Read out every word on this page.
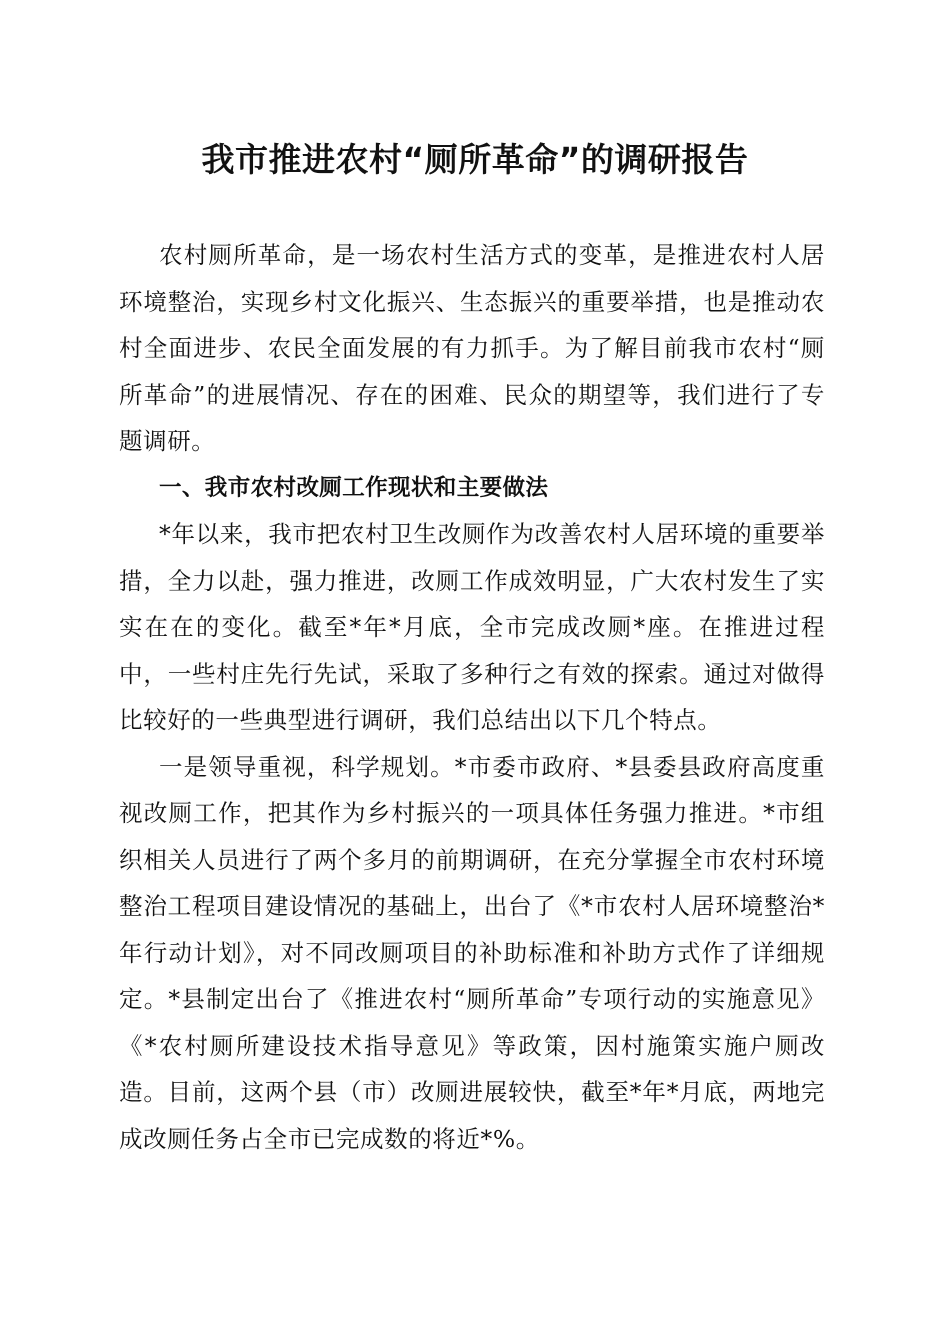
我市推进农村“厕所革命”的调研报告

农村厕所革命，是一场农村生活方式的变革，是推进农村人居环境整治，实现乡村文化振兴、生态振兴的重要举措，也是推动农村全面进步、农民全面发展的有力抓手。为了解目前我市农村“厕所革命”的进展情况、存在的困难、民众的期望等，我们进行了专题调研。

一、我市农村改厕工作现状和主要做法

*年以来，我市把农村卫生改厕作为改善农村人居环境的重要举措，全力以赴，强力推进，改厕工作成效明显，广大农村发生了实实在在的变化。截至*年*月底，全市完成改厕*座。在推进过程中，一些村庄先行先试，采取了多种行之有效的探索。通过对做得比较好的一些典型进行调研，我们总结出以下几个特点。

一是领导重视，科学规划。*市委市政府、*县委县政府高度重视改厕工作，把其作为乡村振兴的一项具体任务强力推进。*市组织相关人员进行了两个多月的前期调研，在充分掌握全市农村环境整治工程项目建设情况的基础上，出台了《*市农村人居环境整治*年行动计划》，对不同改厕项目的补助标准和补助方式作了详细规定。*县制定出台了《推进农村“厕所革命”专项行动的实施意见》《*农村厕所建设技术指导意见》等政策，因村施策实施户厕改造。目前，这两个县（市）改厕进展较快，截至*年*月底，两地完成改厕任务占全市已完成数的将近*%。
